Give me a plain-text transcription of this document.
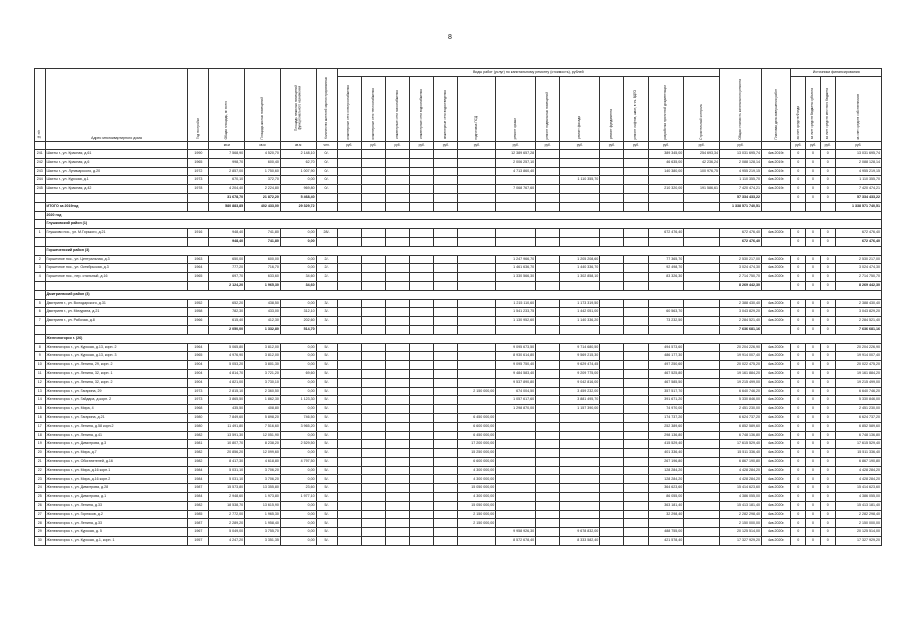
8
№ п/п	Адрес многоквартирного дома	Год постройки	Общая площадь, м² всего	Площадь жилых помещений	Площадь нежилых помещений функционального назначения	Количество жителей зарегистрированных	Виды работ (услуг) по капитальному ремонту (стоимость), рублей													Общая стоимость капитального ремонта	Плановая дата завершения работ	Источники финансирования			
							инженерные сети электроснабжения	инженерные сети теплоснабжения	инженерные сети газоснабжения	инженерные сети водоснабжения	инженерные сети водоотведения	подготовка ПСД	ремонт крыши	ремонт подвальных помещений	ремонт фасада	ремонт фундамента	ремонт лифтов, шахт, в т.ч. ВДГО	разработка проектной документации	Строительный контроль			за счет средств Фонда	за счет средств бюджета субъекта	за счет средств местного бюджета	за счет средств собственников
			кв.м	кв.м	кв.м	чел.	руб.	руб.	руб.	руб.	руб.	руб.	руб.	руб.	руб.	руб.	руб.	руб.	руб.	руб.		руб.	руб.	руб.	руб.
241	Шахты г., ул. Красная, д.61	1990	7 568,90	4 520,70	2 148,10	0/-							12 389 657,28					389 345,00	254 693,34	13 031 695,74	4кв.2019г.	0	0	0	13 031 695,74
242	Шахты г., ул. Красная, д.6	1965	998,70	600,40	62,70	0/-							2 006 257,10					46 635,00	42 236,24	2 088 128,14	4кв.2019г.	0	0	0	2 088 128,14
243	Шахты г., ул. Луначарского, д.20	1972	2 857,00	1 750,60	1 007,90	0/-							4 713 860,40					140 380,00	100 976,75	4 955 219,15	4кв.2019г.	0	0	0	4 955 219,15
244	Шахты г., ул. Курская, д.1	1973	670,10	372,70	0,00	0/-									1 110 355,70					1 110 355,70	4кв.2019г.	0	0	0	1 110 355,70
245	Шахты г., ул. Красная, д.42	1978	4 204,40	2 224,80	969,80	0/-							7 068 767,60					210 320,00	191 586,61	7 420 474,21	4кв.2019г.	0	0	0	7 420 474,21
			31 678,70	21 872,20	5 468,40															57 334 433,22		0	0	0	57 334 433,22
	ИТОГО за 2019год		580 883,85	402 433,00	29 329,72															1 338 571 740,51					1 338 571 740,51
	2020 год																								
	Глушковский район (1)																								
1	Глушково пос., ул. М.Горького, д.21	1916	948,40	741,80	0,00	28/-												672 476,40		672 476,40	4кв.2020г.	0	0	0	672 476,40
			948,40	741,80	0,00															672 476,40		0	0	0	672 476,40
	Горшеченский район (3)																								
2	Горшечное пос., ул. Центральная, д.3	1963	650,00	600,00	0,00	2/-							1 247 966,70		1 205 208,60			77 365,70		2 530 217,00	4кв.2020г.	0	0	0	2 530 217,00
3	Горшечное пос., ул. Октябрьская, д.3	1964	777,20	716,70	0,00	2/-							1 461 636,70		1 440 336,70			92 498,70		3 024 474,30	4кв.2020г.	0	0	0	3 024 474,30
4	Горшечное пос., пер. стальный, д.16	1965	697,70	633,60	34,60	2/-							1 330 566,30		1 302 858,10			83 326,30		2 714 750,70	4кв.2020г.	0	0	0	2 714 750,70
			2 124,20	1 965,30	34,60															8 269 442,30		0	0	0	8 269 442,30
	Дмитриевский район (3)																								
5	Дмитриев г., ул. Володарского, д.31	1952	652,20	438,50	0,00	3/-							1 215 110,60		1 173 319,50					2 388 430,40	4кв.2020г.	0	0	0	2 388 430,40
6	Дмитриев г., ул. Мичурина, д.21	1958	782,30	433,00	312,10	3/-							1 541 233,75		1 442 051,00			60 563,70		3 043 829,20	4кв.2020г.	0	0	0	3 043 829,20
7	Дмитриев г., ул. Рабочая, д.8	1966	615,40	412,30	202,60	3/-							1 130 952,60		1 140 336,20			73 232,50		2 284 521,40	4кв.2020г.	0	0	0	2 284 521,40
			2 050,00	1 332,80	514,70															7 636 681,16		0	0	0	7 636 681,16
	Железногорск г. (26)																								
8	Железногорск г., ул. Курская, д.13, корп. 2	1964	5 065,80	3 812,00	0,00	5/-							9 095 673,50		9 714 680,50			494 573,60		20 204 226,90	4кв.2020г.	0	0	0	20 204 226,90
9	Железногорск г., ул. Курская, д.13, корп. 3	1965	4 976,90	3 812,00	0,00	5/-							8 930 614,80		9 569 215,30			486 177,30		19 914 007,40	4кв.2020г.	0	0	0	19 914 007,40
10	Железногорск г., ул. Ленина, 29, корп. 2	1904	5 053,20	3 801,30	0,00	5/-							9 095 750,40		9 629 474,45			497 250,60		20 022 475,20	4кв.2020г.	0	0	0	20 022 475,20
11	Железногорск г., ул. Ленина, 32, корп. 1	1904	4 814,70	3 721,20	69,60	5/-							9 484 583,40		9 209 775,00			467 525,80		19 161 884,20	4кв.2020г.	0	0	0	19 161 884,20
12	Железногорск г., ул. Ленина, 32, корп. 2	1904	4 821,00	3 730,10	0,00	5/-							9 537 890,80		9 042 816,00			467 585,50		19 215 499,00	4кв.2020г.	0	0	0	19 215 499,00
13	Железногорск г., ул. Гагарина, 29	1973	2 815,10	2 360,50	0,00	5/-						2 150 000,00	674 004,50		3 459 232,00			357 517,70		6 640 746,20	4кв.2020г.	0	0	0	6 640 746,20
14	Железногорск г., ул. Гайдара, д.корп. 2	1973	3 865,50	1 862,30	1 123,30	5/-							1 057 617,60		3 881 495,70			391 671,20		5 330 846,00	4кв.2020г.	0	0	0	5 330 846,00
15	Железногорск г., ул. Мира, 4	1968	435,50	408,80	0,00	5/-							1 298 870,00		1 157 390,00			74 970,00		2 451 230,00	4кв.2020г.	0	0	0	2 451 230,00
16	Железногорск г., ул. Гагарина, д.21	1980	7 849,60	5 898,20	746,50	5/-						6 450 000,00						174 737,20		6 624 737,20	4кв.2020г.	0	0	0	6 624 737,20
17	Железногорск г., ул. Ленина, д.58 корп.2	1980	11 491,80	7 516,60	3 965,20	5/-						6 600 000,00						252 389,60		6 852 589,60	4кв.2020г.	0	0	0	6 852 589,60
18	Железногорск г., ул. Ленина, д.41	1982	13 591,30	12 051,90	0,00	5/-						6 450 000,00						298 136,80		6 748 136,80	4кв.2020г.	0	0	0	6 748 136,80
19	Железногорск г., ул. Димитрова, д.3	1981	10 807,70	8 238,20	2 529,50	5/-						17 200 000,00						415 529,40		17 615 529,40	4кв.2020г.	0	0	0	17 615 529,40
20	Железногорск г., ул. Мира, д.7	1982	20 856,20	12 099,60	0,00	5/-						15 250 000,00						401 336,40		15 511 336,40	4кв.2020г.	0	0	0	15 511 336,40
21	Железногорск г., ул. Обогатителей, д.16	1982	8 417,30	4 618,80	4 797,50	5/-						6 600 000,00						267 196,80		6 867 190,80	4кв.2020г.	0	0	0	6 867 190,80
22	Железногорск г., ул. Мира, д.16 корп.1	1984	5 031,10	3 706,20	0,00	5/-						4 300 000,00						128 284,20		4 428 284,20	4кв.2020г.	0	0	0	4 428 284,20
23	Железногорск г., ул. Мира, д.16 корп.2	1984	5 031,10	3 706,20	0,00	5/-						4 300 000,00						128 284,20		4 428 284,20	4кв.2020г.	0	0	0	4 428 284,20
24	Железногорск г., ул. Димитрова, д.28	1987	15 573,80	13 355,80	23,60	5/-						15 050 000,00						364 623,60		15 414 623,60	4кв.2020г.	0	0	0	15 414 623,60
25	Железногорск г., ул. Димитрова, д.1	1984	2 948,60	1 973,80	1 977,10	5/-						4 300 000,00						86 055,00		4 386 055,00	4кв.2020г.	0	0	0	4 386 055,00
26	Железногорск г., ул. Ленина, д.33	1982	18 538,70	13 615,90	0,00	5/-						15 050 000,00						363 181,40		15 413 181,40	4кв.2020г.	0	0	0	15 413 181,40
27	Железногорск г., ул. Горняков, д.2	1985	2 772,00	1 965,30	0,00	5/-						2 150 000,00						32 298,40		2 282 298,40	4кв.2020г.	0	0	0	2 282 298,40
28	Железногорск г., ул. Ленина, д.33	1987	2 289,20	1 958,40	0,00	5/-						2 150 000,00								2 150 000,00	4кв.2020г.	0	0	0	2 150 000,00
29	Железногорск г., ул. Курская, д. 5	1967	5 049,00	3 755,70	0,00	5/-							9 958 926,30		9 678 832,00			488 755,00		20 125 514,00	4кв.2020г.	0	0	0	20 125 514,00
30	Железногорск г., ул. Курская, д.1, корп. 1	1957	4 247,20	3 351,35	0,00	5/-							8 572 678,40		8 333 582,40			421 578,40		17 327 929,20	4кв.2020г.	0	0	0	17 327 929,20
